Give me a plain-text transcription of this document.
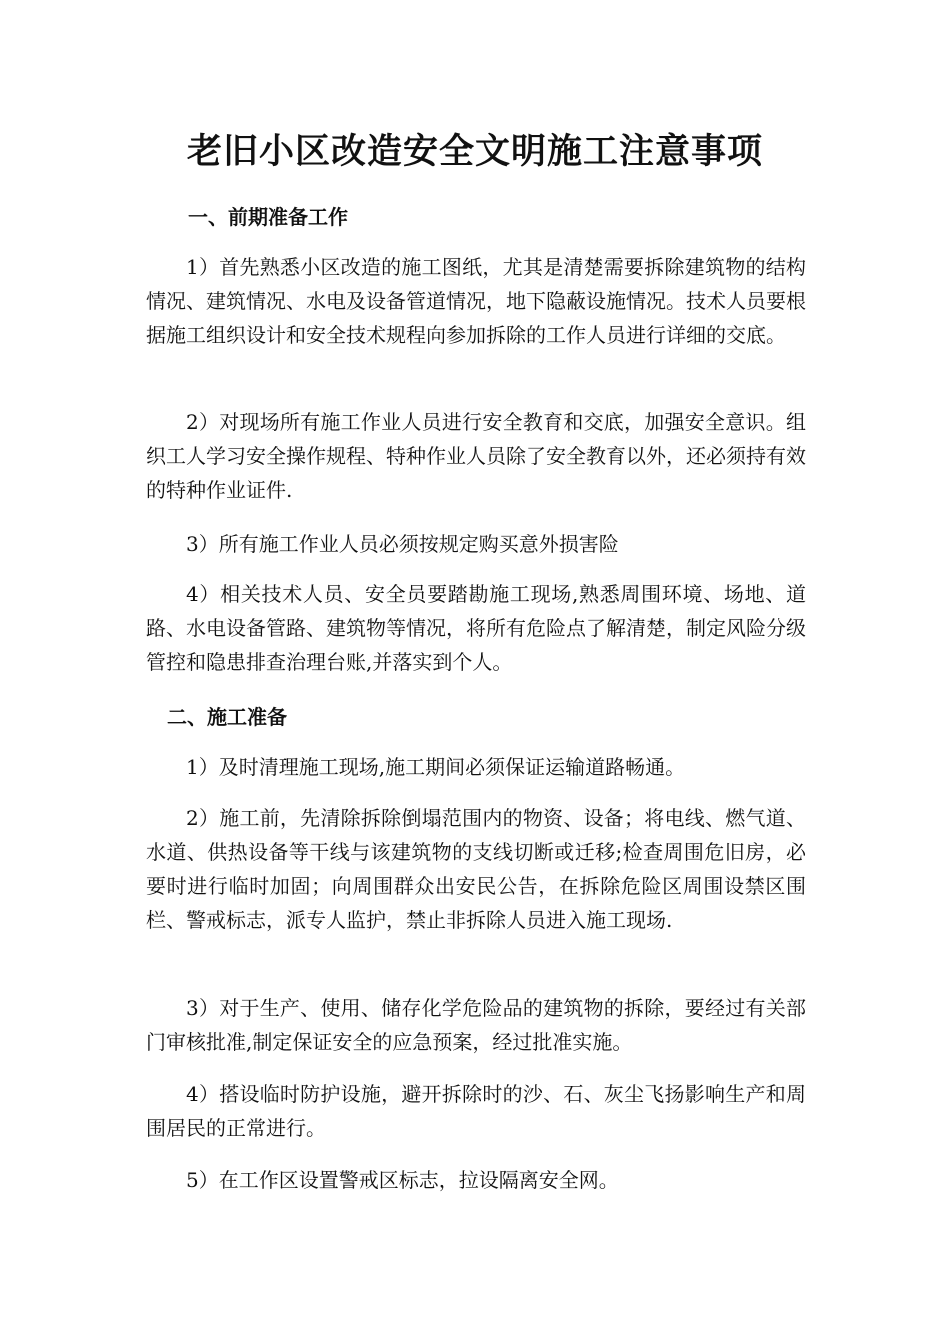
老旧小区改造安全文明施工注意事项
一、前期准备工作

1）首先熟悉小区改造的施工图纸，尤其是清楚需要拆除建筑物的结构情况、建筑情况、水电及设备管道情况，地下隐蔽设施情况。技术人员要根据施工组织设计和安全技术规程向参加拆除的工作人员进行详细的交底。

2）对现场所有施工作业人员进行安全教育和交底，加强安全意识。组织工人学习安全操作规程、特种作业人员除了安全教育以外，还必须持有效的特种作业证件.

3）所有施工作业人员必须按规定购买意外损害险

4）相关技术人员、安全员要踏勘施工现场,熟悉周围环境、场地、道路、水电设备管路、建筑物等情况，将所有危险点了解清楚，制定风险分级管控和隐患排查治理台账,并落实到个人。

二、施工准备

1）及时清理施工现场,施工期间必须保证运输道路畅通。

2）施工前，先清除拆除倒塌范围内的物资、设备；将电线、燃气道、水道、供热设备等干线与该建筑物的支线切断或迁移;检查周围危旧房，必要时进行临时加固；向周围群众出安民公告，在拆除危险区周围设禁区围栏、警戒标志，派专人监护，禁止非拆除人员进入施工现场.

3）对于生产、使用、储存化学危险品的建筑物的拆除，要经过有关部门审核批准,制定保证安全的应急预案，经过批准实施。

4）搭设临时防护设施，避开拆除时的沙、石、灰尘飞扬影响生产和周围居民的正常进行。

5）在工作区设置警戒区标志，拉设隔离安全网。
